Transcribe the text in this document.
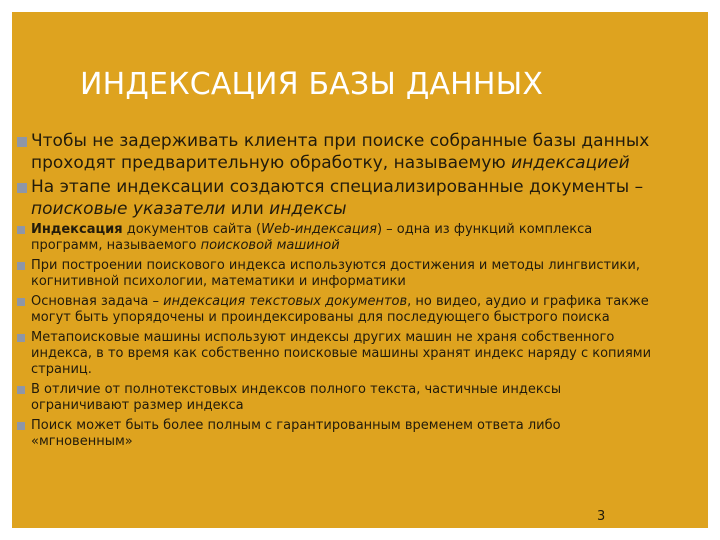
ИНДЕКСАЦИЯ БАЗЫ ДАННЫХ
Чтобы не задерживать клиента при поиске собранные базы данных проходят предварительную обработку, называемую индексацией
На этапе индексации создаются специализированные документы – поисковые указатели или индексы
Индексация документов сайта (Web-индексация) – одна из функций комплекса программ, называемого поисковой машиной
При построении поискового индекса используются достижения и методы лингвистики, когнитивной психологии, математики и информатики
Основная задача – индексация текстовых документов, но видео, аудио и графика также могут быть упорядочены и проиндексированы для последующего быстрого поиска
Метапоисковые машины используют индексы других машин не храня собственного индекса, в то время как собственно поисковые машины хранят индекс наряду с копиями страниц.
В отличие от полнотекстовых индексов полного текста, частичные индексы ограничивают размер индекса
Поиск может быть более полным с гарантированным временем ответа либо «мгновенным»
3
